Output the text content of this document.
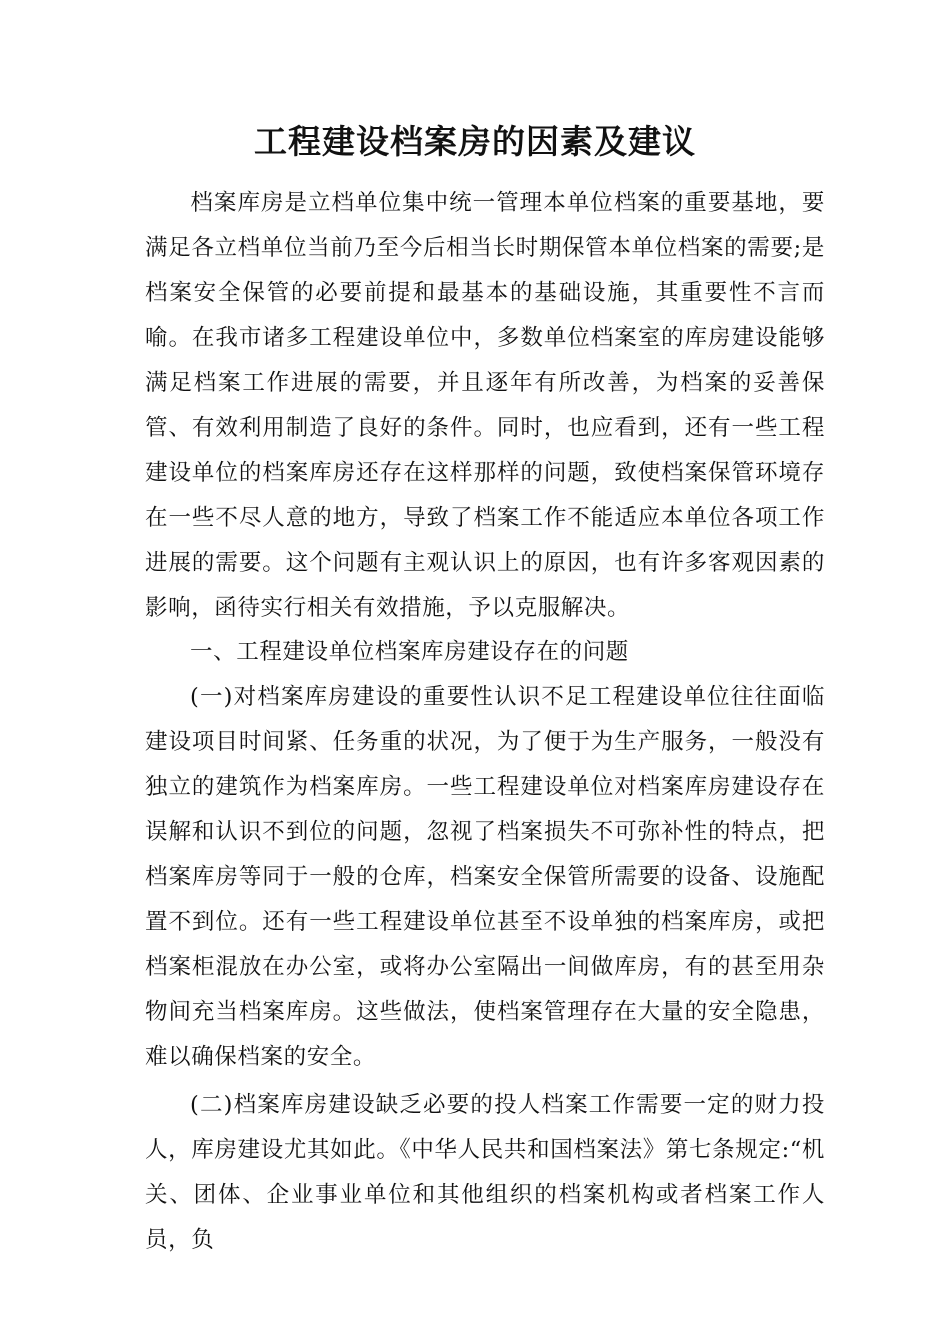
工程建设档案房的因素及建议

档案库房是立档单位集中统一管理本单位档案的重要基地，要满足各立档单位当前乃至今后相当长时期保管本单位档案的需要;是档案安全保管的必要前提和最基本的基础设施，其重要性不言而喻。在我市诸多工程建设单位中，多数单位档案室的库房建设能够满足档案工作进展的需要，并且逐年有所改善，为档案的妥善保管、有效利用制造了良好的条件。同时，也应看到，还有一些工程建设单位的档案库房还存在这样那样的问题，致使档案保管环境存在一些不尽人意的地方，导致了档案工作不能适应本单位各项工作进展的需要。这个问题有主观认识上的原因，也有许多客观因素的影响，函待实行相关有效措施，予以克服解决。

一、工程建设单位档案库房建设存在的问题

(一)对档案库房建设的重要性认识不足工程建设单位往往面临建设项目时间紧、任务重的状况，为了便于为生产服务，一般没有独立的建筑作为档案库房。一些工程建设单位对档案库房建设存在误解和认识不到位的问题，忽视了档案损失不可弥补性的特点，把档案库房等同于一般的仓库，档案安全保管所需要的设备、设施配置不到位。还有一些工程建设单位甚至不设单独的档案库房，或把档案柜混放在办公室，或将办公室隔出一间做库房，有的甚至用杂物间充当档案库房。这些做法，使档案管理存在大量的安全隐患，难以确保档案的安全。

(二)档案库房建设缺乏必要的投人档案工作需要一定的财力投人，库房建设尤其如此。《中华人民共和国档案法》第七条规定:“机关、团体、企业事业单位和其他组织的档案机构或者档案工作人员，负
